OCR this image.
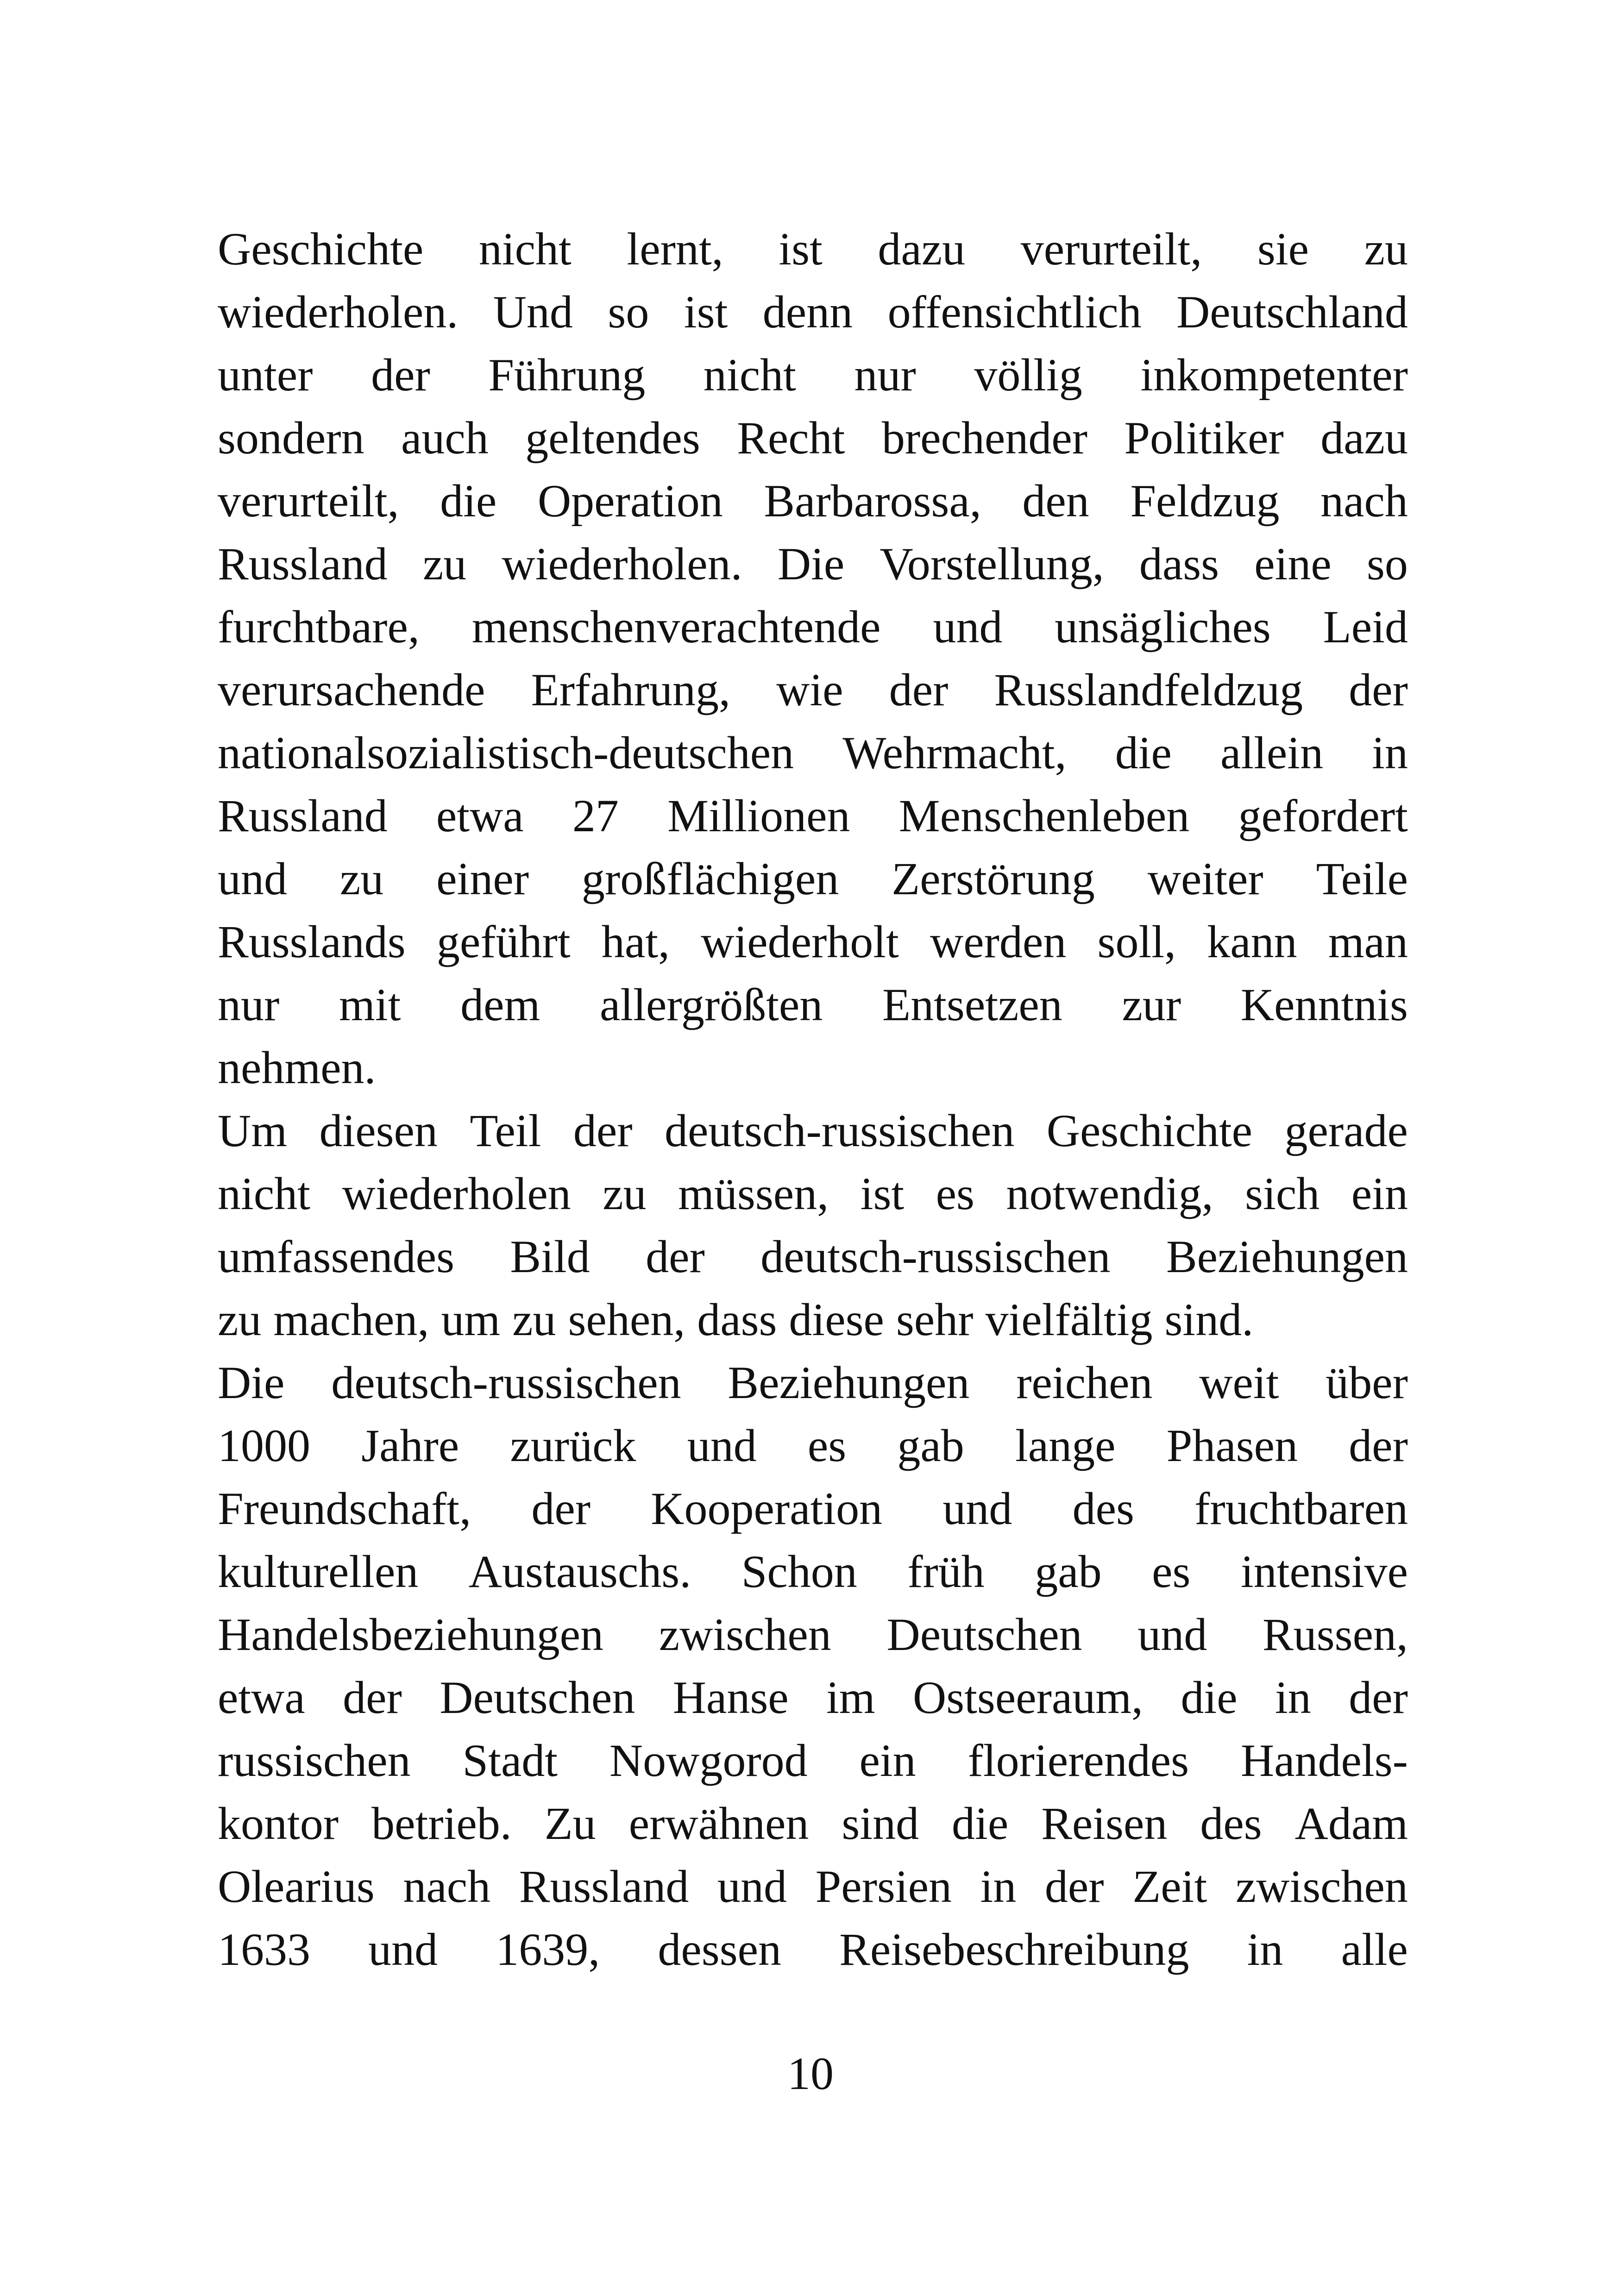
Geschichte nicht lernt, ist dazu verurteilt, sie zu
wiederholen. Und so ist denn offensichtlich Deutschland
unter der Führung nicht nur völlig inkompetenter
sondern auch geltendes Recht brechender Politiker dazu
verurteilt, die Operation Barbarossa, den Feldzug nach
Russland zu wiederholen. Die Vorstellung, dass eine so
furchtbare, menschenverachtende und unsägliches Leid
verursachende Erfahrung, wie der Russlandfeldzug der
nationalsozialistisch-deutschen Wehrmacht, die allein in
Russland etwa 27 Millionen Menschenleben gefordert
und zu einer großflächigen Zerstörung weiter Teile
Russlands geführt hat, wiederholt werden soll, kann man
nur mit dem allergrößten Entsetzen zur Kenntnis
nehmen.
Um diesen Teil der deutsch-russischen Geschichte gerade
nicht wiederholen zu müssen, ist es notwendig, sich ein
umfassendes Bild der deutsch-russischen Beziehungen
zu machen, um zu sehen, dass diese sehr vielfältig sind.
Die deutsch-russischen Beziehungen reichen weit über
1000 Jahre zurück und es gab lange Phasen der
Freundschaft, der Kooperation und des fruchtbaren
kulturellen Austauschs. Schon früh gab es intensive
Handelsbeziehungen zwischen Deutschen und Russen,
etwa der Deutschen Hanse im Ostseeraum, die in der
russischen Stadt Nowgorod ein florierendes Handels-
kontor betrieb. Zu erwähnen sind die Reisen des Adam
Olearius nach Russland und Persien in der Zeit zwischen
1633 und 1639, dessen Reisebeschreibung in alle
10
